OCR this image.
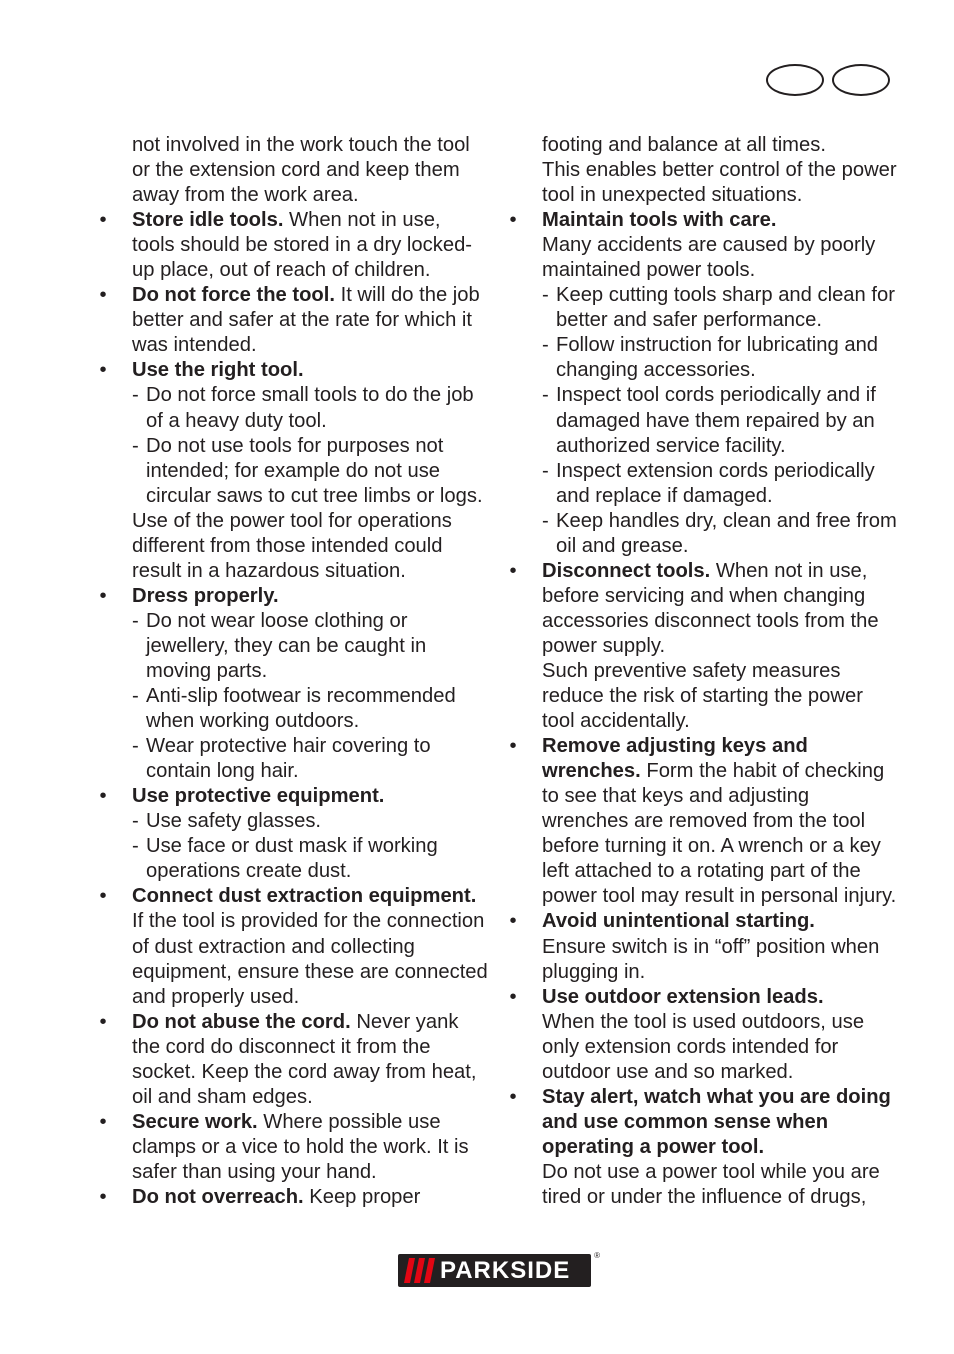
not involved in the work touch the tool or the extension cord and keep them away from the work area.
• Store idle tools. When not in use, tools should be stored in a dry locked-up place, out of reach of children.
• Do not force the tool. It will do the job better and safer at the rate for which it was intended.
• Use the right tool.
- Do not force small tools to do the job of a heavy duty tool.
- Do not use tools for purposes not intended; for example do not use circular saws to cut tree limbs or logs.
Use of the power tool for operations different from those intended could result in a hazardous situation.
• Dress properly.
- Do not wear loose clothing or jewellery, they can be caught in moving parts.
- Anti-slip footwear is recommended when working outdoors.
- Wear protective hair covering to contain long hair.
• Use protective equipment.
- Use safety glasses.
- Use face or dust mask if working operations create dust.
• Connect dust extraction equipment. If the tool is provided for the connection of dust extraction and collecting equipment, ensure these are connected and properly used.
• Do not abuse the cord. Never yank the cord do disconnect it from the socket. Keep the cord away from heat, oil and sham edges.
• Secure work. Where possible use clamps or a vice to hold the work. It is safer than using your hand.
• Do not overreach. Keep proper
footing and balance at all times.
This enables better control of the power tool in unexpected situations.
• Maintain tools with care.
Many accidents are caused by poorly maintained power tools.
- Keep cutting tools sharp and clean for better and safer performance.
- Follow instruction for lubricating and changing accessories.
- Inspect tool cords periodically and if damaged have them repaired by an authorized service facility.
- Inspect extension cords periodically and replace if damaged.
- Keep handles dry, clean and free from oil and grease.
• Disconnect tools. When not in use, before servicing and when changing accessories disconnect tools from the power supply.
Such preventive safety measures reduce the risk of starting the power tool accidentally.
• Remove adjusting keys and wrenches. Form the habit of checking to see that keys and adjusting wrenches are removed from the tool before turning it on. A wrench or a key left attached to a rotating part of the power tool may result in personal injury.
• Avoid unintentional starting.
Ensure switch is in “off” position when plugging in.
• Use outdoor extension leads.
When the tool is used outdoors, use only extension cords intended for outdoor use and so marked.
• Stay alert, watch what you are doing and use common sense when operating a power tool.
Do not use a power tool while you are tired or under the influence of drugs,
PARKSIDE
®
